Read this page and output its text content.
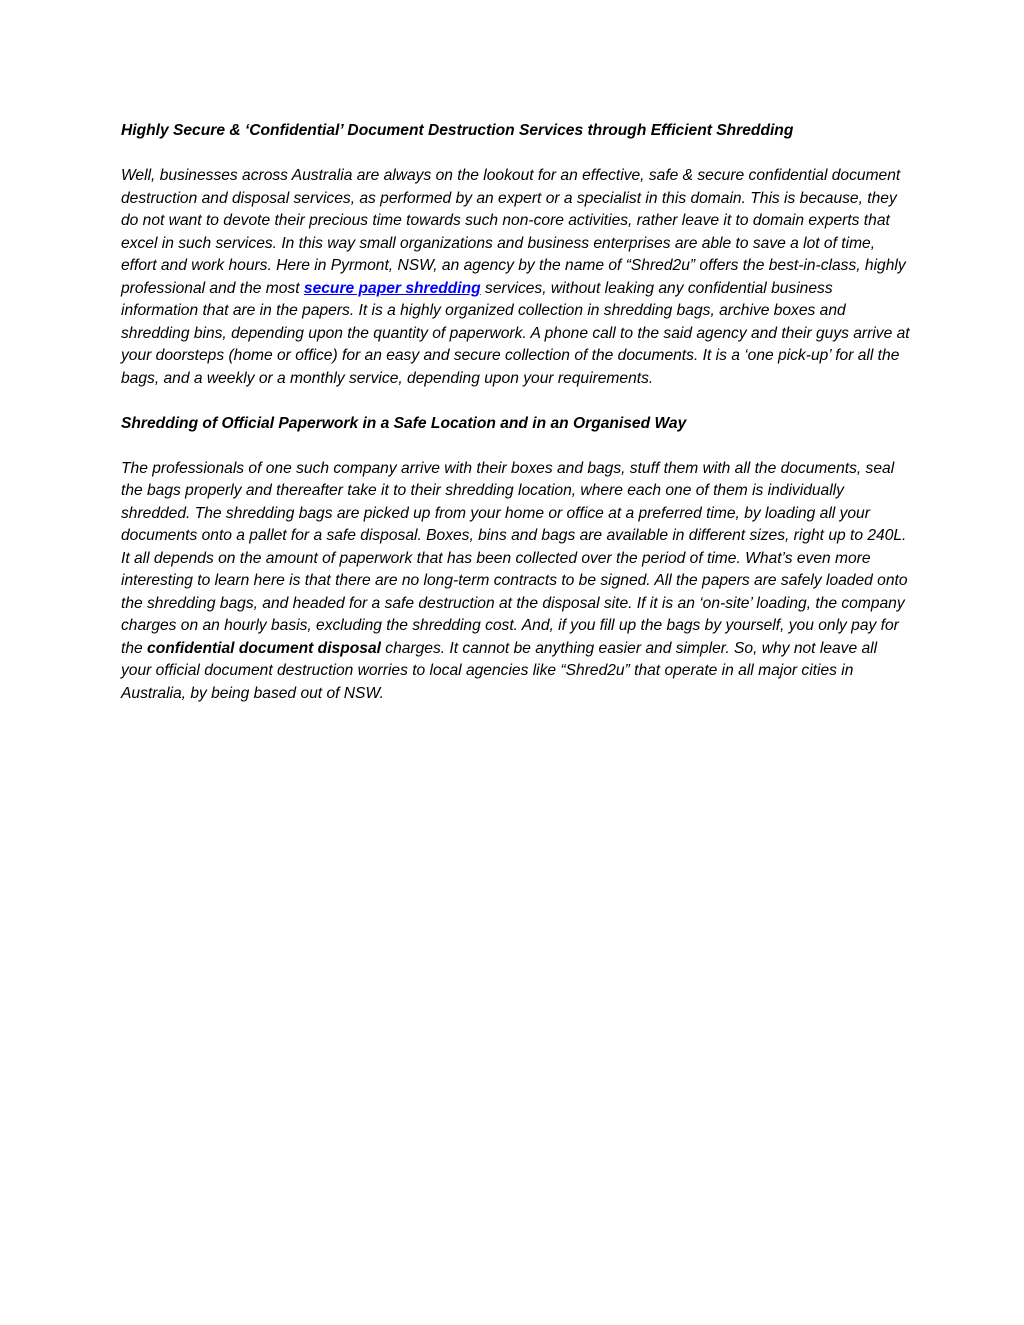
Highly Secure & ‘Confidential’ Document Destruction Services through Efficient Shredding

Well, businesses across Australia are always on the lookout for an effective, safe & secure confidential document destruction and disposal services, as performed by an expert or a specialist in this domain. This is because, they do not want to devote their precious time towards such non-core activities, rather leave it to domain experts that excel in such services. In this way small organizations and business enterprises are able to save a lot of time, effort and work hours. Here in Pyrmont, NSW, an agency by the name of “Shred2u” offers the best-in-class, highly professional and the most secure paper shredding services, without leaking any confidential business information that are in the papers. It is a highly organized collection in shredding bags, archive boxes and shredding bins, depending upon the quantity of paperwork. A phone call to the said agency and their guys arrive at your doorsteps (home or office) for an easy and secure collection of the documents. It is a ‘one pick-up’ for all the bags, and a weekly or a monthly service, depending upon your requirements.

Shredding of Official Paperwork in a Safe Location and in an Organised Way

The professionals of one such company arrive with their boxes and bags, stuff them with all the documents, seal the bags properly and thereafter take it to their shredding location, where each one of them is individually shredded. The shredding bags are picked up from your home or office at a preferred time, by loading all your documents onto a pallet for a safe disposal. Boxes, bins and bags are available in different sizes, right up to 240L. It all depends on the amount of paperwork that has been collected over the period of time. What’s even more interesting to learn here is that there are no long-term contracts to be signed. All the papers are safely loaded onto the shredding bags, and headed for a safe destruction at the disposal site. If it is an ‘on-site’ loading, the company charges on an hourly basis, excluding the shredding cost. And, if you fill up the bags by yourself, you only pay for the confidential document disposal charges. It cannot be anything easier and simpler. So, why not leave all your official document destruction worries to local agencies like “Shred2u” that operate in all major cities in Australia, by being based out of NSW.
